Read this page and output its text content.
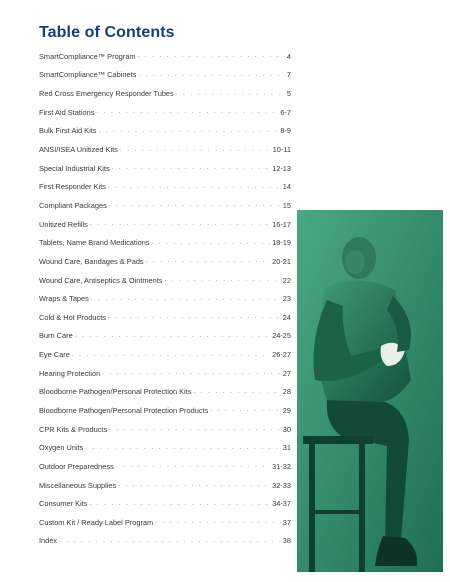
Table of Contents
SmartCompliance™ Program . . .	4
SmartCompliance™ Cabinets . . .	7
Red Cross Emergency Responder Tubes . . .	5
First Aid Stations . . .	6-7
Bulk First Aid Kits . . .	8-9
ANSI/ISEA Unitized Kits . . .	10-11
Special Industrial Kits . . .	12-13
First Responder Kits . . .	14
Compliant Packages . . .	15
Unitized Refills . . .	16-17
Tablets, Name Brand Medications . . .	18-19
Wound Care, Bandages & Pads . . .	20-21
Wound Care, Antiseptics & Ointments . . .	22
Wraps & Tapes . . .	23
Cold & Hot Products . . .	24
Burn Care . . .	24-25
Eye Care . . .	26-27
Hearing Protection . . .	27
Bloodborne Pathogen/Personal Protection Kits . . .	28
Bloodborne Pathogen/Personal Protection Products . . .	29
CPR Kits & Products . . .	30
Oxygen Units . . .	31
Outdoor Preparedness . . .	31-32
Miscellaneous Supplies . . .	32-33
Consumer Kits . . .	34-37
Custom Kit / Ready Label Program . . .	37
Index . . .	38
